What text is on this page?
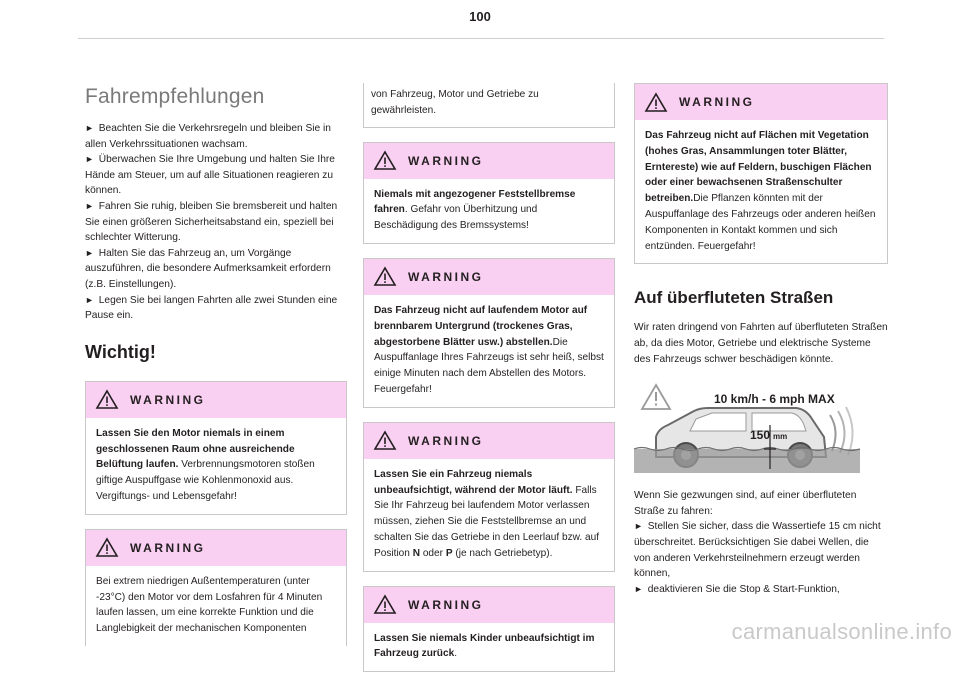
100
Fahrempfehlungen
► Beachten Sie die Verkehrsregeln und bleiben Sie in allen Verkehrssituationen wachsam.
► Überwachen Sie Ihre Umgebung und halten Sie Ihre Hände am Steuer, um auf alle Situationen reagieren zu können.
► Fahren Sie ruhig, bleiben Sie bremsbereit und halten Sie einen größeren Sicherheitsabstand ein, speziell bei schlechter Witterung.
► Halten Sie das Fahrzeug an, um Vorgänge auszuführen, die besondere Aufmerksamkeit erfordern (z.B. Einstellungen).
► Legen Sie bei langen Fahrten alle zwei Stunden eine Pause ein.
Wichtig!
WARNING
Lassen Sie den Motor niemals in einem geschlossenen Raum ohne ausreichende Belüftung laufen. Verbrennungsmotoren stoßen giftige Auspuffgase wie Kohlenmonoxid aus. Vergiftungs- und Lebensgefahr!
WARNING
Bei extrem niedrigen Außentemperaturen (unter -23°C) den Motor vor dem Losfahren für 4 Minuten laufen lassen, um eine korrekte Funktion und die Langlebigkeit der mechanischen Komponenten
von Fahrzeug, Motor und Getriebe zu gewährleisten.
WARNING
Niemals mit angezogener Feststellbremse fahren. Gefahr von Überhitzung und Beschädigung des Bremssystems!
WARNING
Das Fahrzeug nicht auf laufendem Motor auf brennbarem Untergrund (trockenes Gras, abgestorbene Blätter usw.) abstellen.Die Auspuffanlage Ihres Fahrzeugs ist sehr heiß, selbst einige Minuten nach dem Abstellen des Motors. Feuergefahr!
WARNING
Lassen Sie ein Fahrzeug niemals unbeaufsichtigt, während der Motor läuft. Falls Sie Ihr Fahrzeug bei laufendem Motor verlassen müssen, ziehen Sie die Feststellbremse an und schalten Sie das Getriebe in den Leerlauf bzw. auf Position N oder P (je nach Getriebetyp).
WARNING
Lassen Sie niemals Kinder unbeaufsichtigt im Fahrzeug zurück.
WARNING
Das Fahrzeug nicht auf Flächen mit Vegetation (hohes Gras, Ansammlungen toter Blätter, Erntereste) wie auf Feldern, buschigen Flächen oder einer bewachsenen Straßenschulter betreiben.Die Pflanzen könnten mit der Auspuffanlage des Fahrzeugs oder anderen heißen Komponenten in Kontakt kommen und sich entzünden. Feuergefahr!
Auf überfluteten Straßen
Wir raten dringend von Fahrten auf überfluteten Straßen ab, da dies Motor, Getriebe und elektrische Systeme des Fahrzeugs schwer beschädigen könnte.
10 km/h - 6 mph MAX
150 mm
Wenn Sie gezwungen sind, auf einer überfluteten Straße zu fahren:
► Stellen Sie sicher, dass die Wassertiefe 15 cm nicht überschreitet. Berücksichtigen Sie dabei Wellen, die von anderen Verkehrsteilnehmern erzeugt werden können,
► deaktivieren Sie die Stop & Start-Funktion,
carmanualsonline.info
